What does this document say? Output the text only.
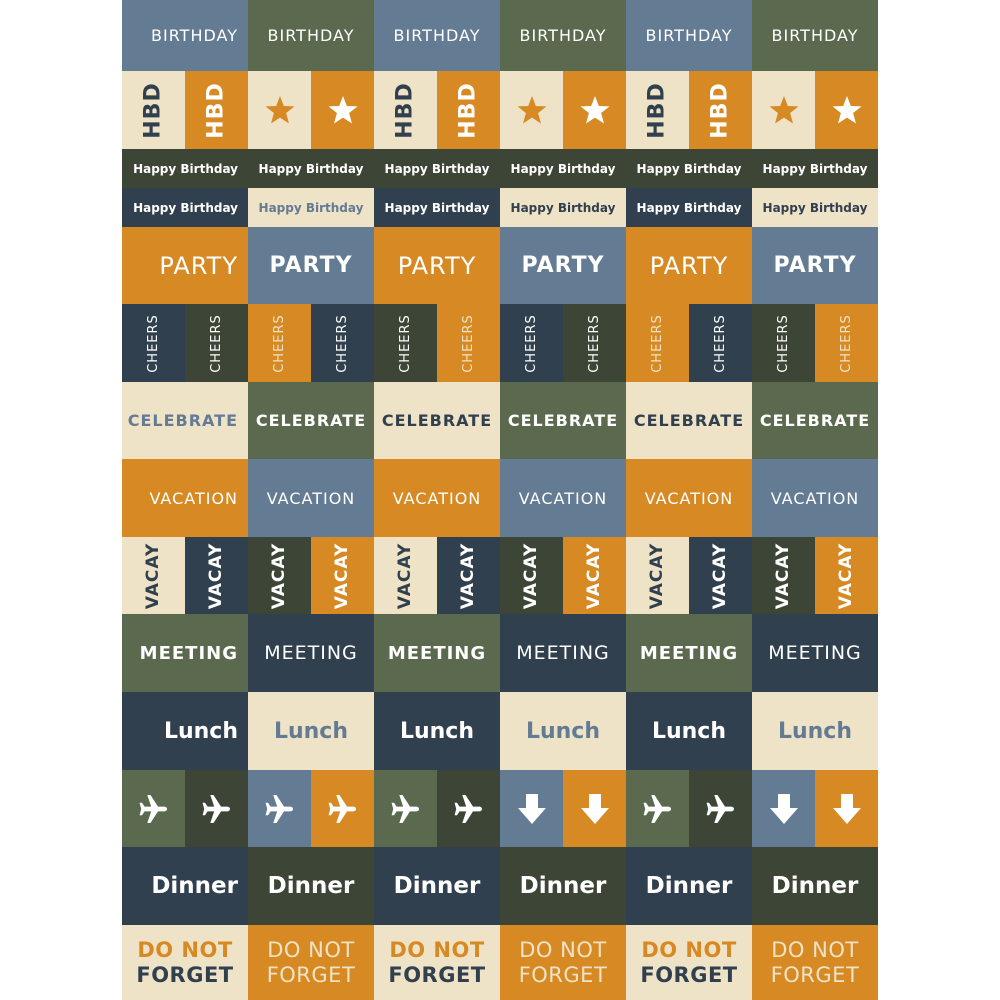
BIRTHDAY BIRTHDAY BIRTHDAY BIRTHDAY BIRTHDAY BIRTHDAY
HBD HBD	HBD HBD	HBD HBD
Happy Birthday Happy Birthday Happy Birthday Happy Birthday Happy Birthday Happy Birthday
Happy Birthday Happy Birthday Happy Birthday Happy Birthday Happy Birthday Happy Birthday
PARTY PARTY PARTY PARTY PARTY PARTY
CHEERS	CHEERS	CHEERS	CHEERS	CHEERS	CHEERS	CHEERS	CHEERS	CHEERS	CHEERS	CHEERS	CHEERS
CELEBRATE CELEBRATE CELEBRATE CELEBRATE CELEBRATE CELEBRATE
VACATION VACATION VACATION VACATION VACATION VACATION
VACAY	VACAY	VACAY	VACAY	VACAY	VACAY	VACAY	VACAY	VACAY	VACAY	VACAY	VACAY
MEETING MEETING MEETING MEETING MEETING MEETING
Lunch Lunch Lunch Lunch Lunch Lunch
Dinner Dinner Dinner Dinner Dinner Dinner
DO NOT
FORGET
DO NOT
FORGET
DO NOT
FORGET
DO NOT
FORGET
DO NOT
FORGET
DO NOT
FORGET
